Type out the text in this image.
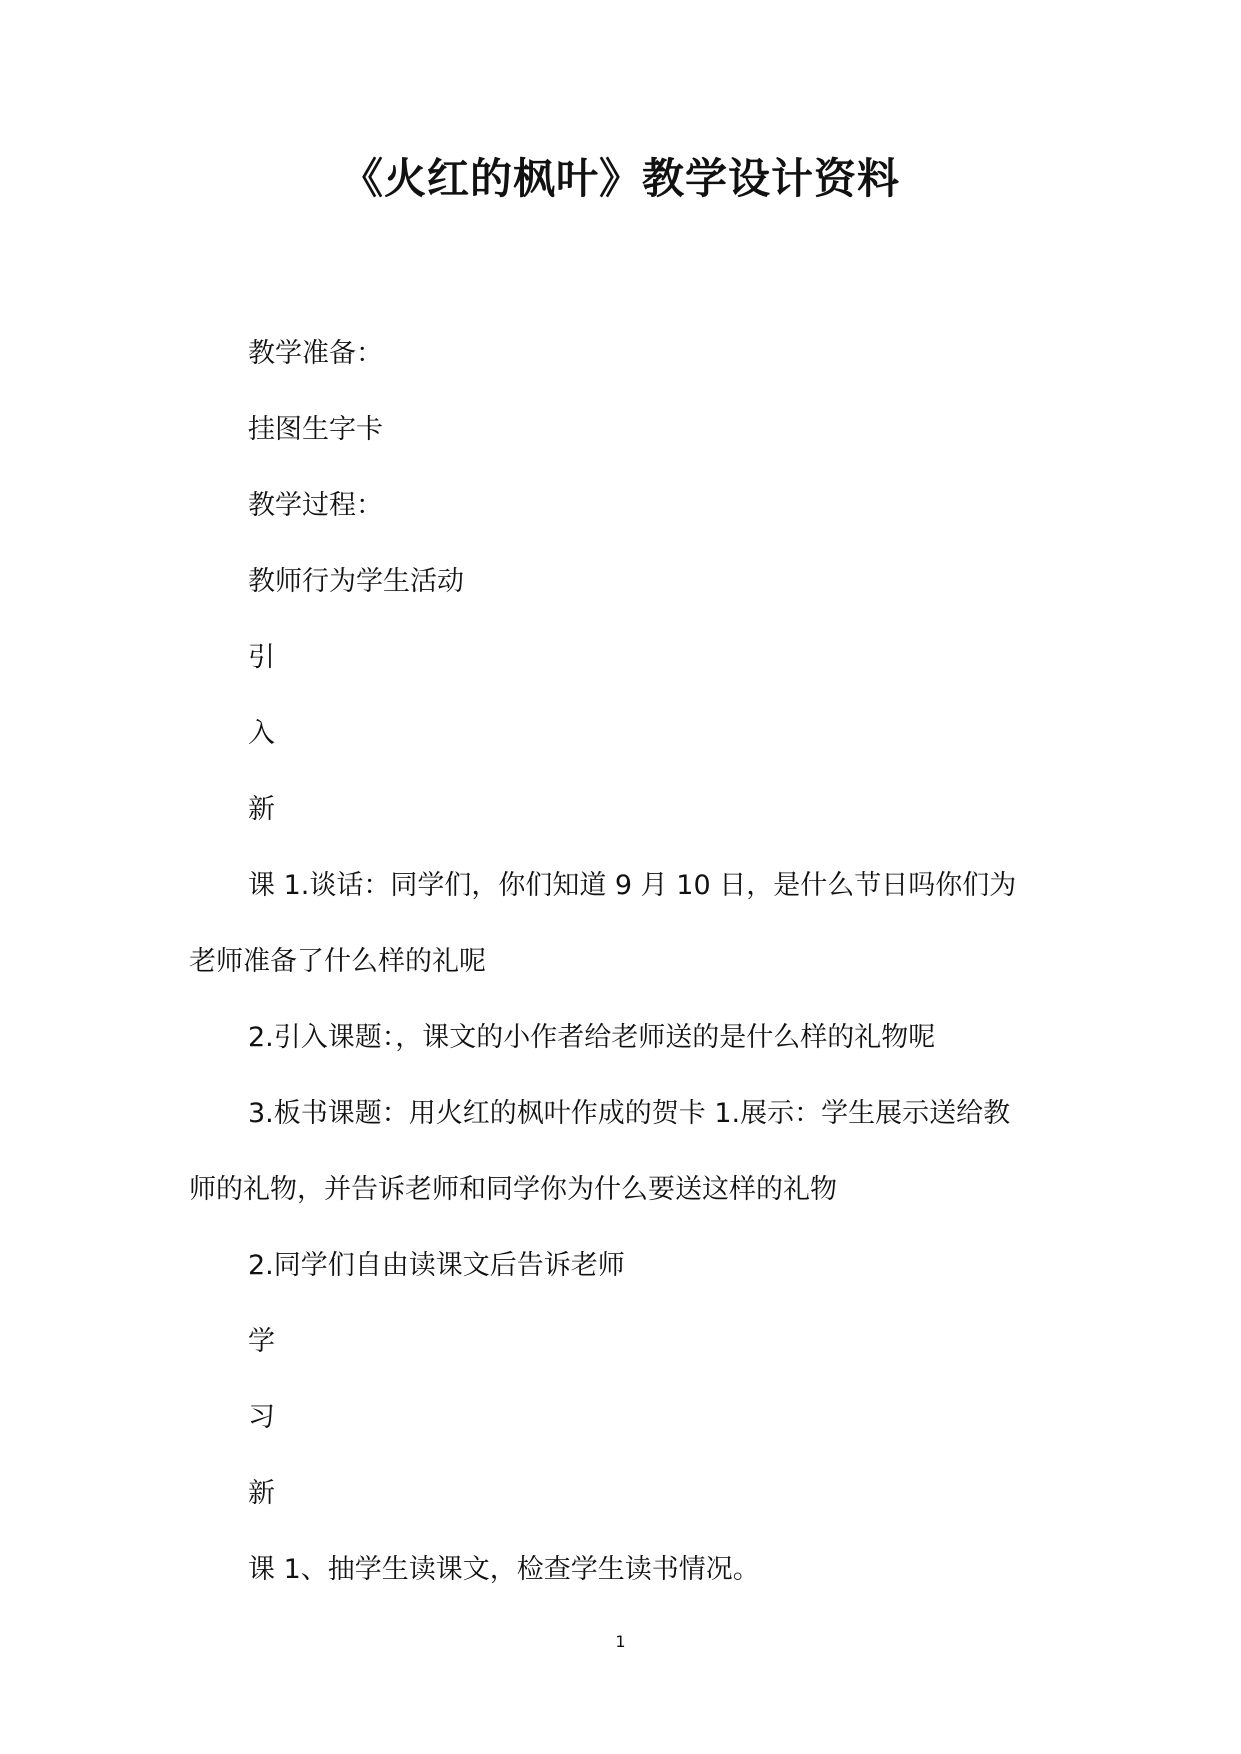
《火红的枫叶》教学设计资料

教学准备：

挂图生字卡

教学过程：

教师行为学生活动

引

入

新

课 1.谈话：同学们，你们知道 9 月 10 日，是什么节日吗你们为

老师准备了什么样的礼呢

2.引入课题：，课文的小作者给老师送的是什么样的礼物呢

3.板书课题：用火红的枫叶作成的贺卡 1.展示：学生展示送给教

师的礼物，并告诉老师和同学你为什么要送这样的礼物

2.同学们自由读课文后告诉老师

学

习

新

课 1、抽学生读课文，检查学生读书情况。

1
